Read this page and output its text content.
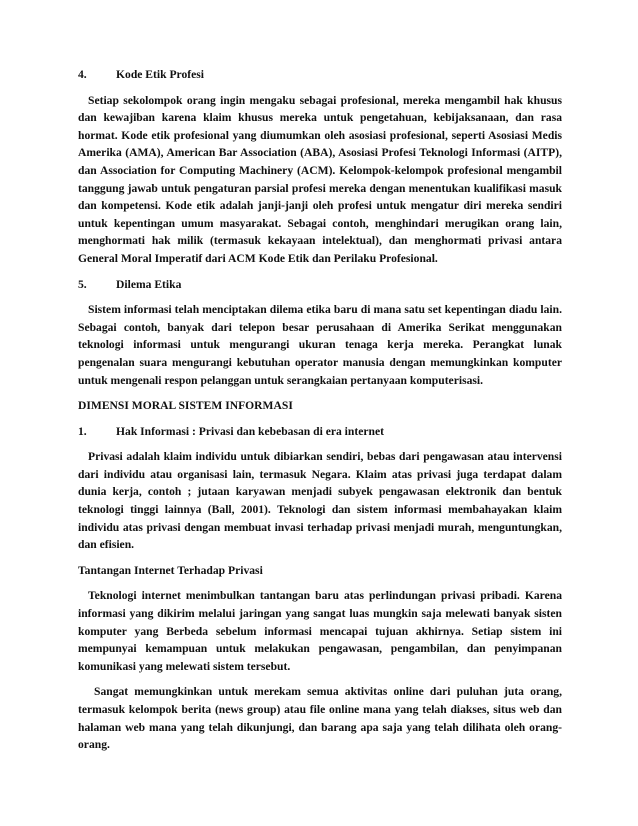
4.	Kode Etik Profesi

Setiap sekolompok orang ingin mengaku sebagai profesional, mereka mengambil hak khusus dan kewajiban karena klaim khusus mereka untuk pengetahuan, kebijaksanaan, dan rasa hormat. Kode etik profesional yang diumumkan oleh asosiasi profesional, seperti Asosiasi Medis Amerika (AMA), American Bar Association (ABA), Asosiasi Profesi Teknologi Informasi (AITP), dan Association for Computing Machinery (ACM). Kelompok-kelompok profesional mengambil tanggung jawab untuk pengaturan parsial profesi mereka dengan menentukan kualifikasi masuk dan kompetensi. Kode etik adalah janji-janji oleh profesi untuk mengatur diri mereka sendiri untuk kepentingan umum masyarakat. Sebagai contoh, menghindari merugikan orang lain, menghormati hak milik (termasuk kekayaan intelektual), dan menghormati privasi antara General Moral Imperatif dari ACM Kode Etik dan Perilaku Profesional.

5.	Dilema Etika

Sistem informasi telah menciptakan dilema etika baru di mana satu set kepentingan diadu lain. Sebagai contoh, banyak dari telepon besar perusahaan di Amerika Serikat menggunakan teknologi informasi untuk mengurangi ukuran tenaga kerja mereka. Perangkat lunak pengenalan suara mengurangi kebutuhan operator manusia dengan memungkinkan komputer untuk mengenali respon pelanggan untuk serangkaian pertanyaan komputerisasi.

DIMENSI MORAL SISTEM INFORMASI
1.	Hak Informasi : Privasi dan kebebasan di era internet

Privasi adalah klaim individu untuk dibiarkan sendiri, bebas dari pengawasan atau intervensi dari individu atau organisasi lain, termasuk Negara. Klaim atas privasi juga terdapat dalam dunia kerja, contoh ; jutaan karyawan menjadi subyek pengawasan elektronik dan bentuk teknologi tinggi lainnya (Ball, 2001). Teknologi dan sistem informasi membahayakan klaim individu atas privasi dengan membuat invasi terhadap privasi menjadi murah, menguntungkan, dan efisien.

Tantangan Internet Terhadap Privasi

Teknologi internet menimbulkan tantangan baru atas perlindungan privasi pribadi. Karena informasi yang dikirim melalui jaringan yang sangat luas mungkin saja melewati banyak sisten komputer yang Berbeda sebelum informasi mencapai tujuan akhirnya. Setiap sistem ini mempunyai kemampuan untuk melakukan pengawasan, pengambilan, dan penyimpanan komunikasi yang melewati sistem tersebut.

Sangat memungkinkan untuk merekam semua aktivitas online dari puluhan juta orang, termasuk kelompok berita (news group) atau file online mana yang telah diakses, situs web dan halaman web mana yang telah dikunjungi, dan barang apa saja yang telah dilihata oleh orang-orang.
